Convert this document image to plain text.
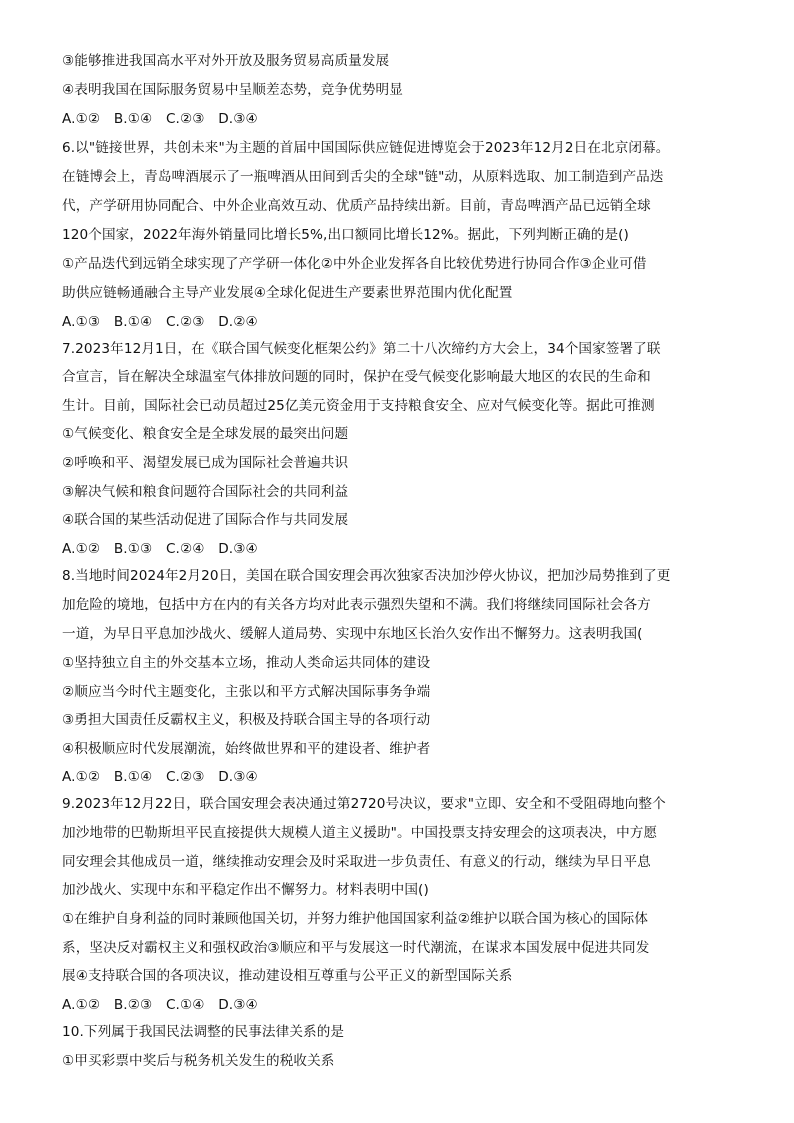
③能够推进我国高水平对外开放及服务贸易高质量发展
④表明我国在国际服务贸易中呈顺差态势，竞争优势明显
A.①②　B.①④　C.②③　D.③④
6.以"链接世界，共创未来"为主题的首届中国国际供应链促进博览会于2023年12月2日在北京闭幕。
在链博会上，青岛啤酒展示了一瓶啤酒从田间到舌尖的全球"链"动，从原料选取、加工制造到产品迭
代，产学研用协同配合、中外企业高效互动、优质产品持续出新。目前，青岛啤酒产品已远销全球
120个国家，2022年海外销量同比增长5%,出口额同比增长12%。据此，下列判断正确的是()
①产品迭代到远销全球实现了产学研一体化②中外企业发挥各自比较优势进行协同合作③企业可借
助供应链畅通融合主导产业发展④全球化促进生产要素世界范围内优化配置
A.①③　B.①④　C.②③　D.②④
7.2023年12月1日，在《联合国气候变化框架公约》第二十八次缔约方大会上，34个国家签署了联
合宣言，旨在解决全球温室气体排放问题的同时，保护在受气候变化影响最大地区的农民的生命和
生计。目前，国际社会已动员超过25亿美元资金用于支持粮食安全、应对气候变化等。据此可推测
①气候变化、粮食安全是全球发展的最突出问题
②呼唤和平、渴望发展已成为国际社会普遍共识
③解决气候和粮食问题符合国际社会的共同利益
④联合国的某些活动促进了国际合作与共同发展
A.①②　B.①③　C.②④　D.③④
8.当地时间2024年2月20日，美国在联合国安理会再次独家否决加沙停火协议，把加沙局势推到了更
加危险的境地，包括中方在内的有关各方均对此表示强烈失望和不满。我们将继续同国际社会各方
一道，为早日平息加沙战火、缓解人道局势、实现中东地区长治久安作出不懈努力。这表明我国(
①坚持独立自主的外交基本立场，推动人类命运共同体的建设
②顺应当今时代主题变化，主张以和平方式解决国际事务争端
③勇担大国责任反霸权主义，积极及持联合国主导的各项行动
④积极顺应时代发展潮流，始终做世界和平的建设者、维护者
A.①②　B.①④　C.②③　D.③④
9.2023年12月22日，联合国安理会表决通过第2720号决议，要求"立即、安全和不受阻碍地向整个
加沙地带的巴勒斯坦平民直接提供大规模人道主义援助"。中国投票支持安理会的这项表决，中方愿
同安理会其他成员一道，继续推动安理会及时采取进一步负责任、有意义的行动，继续为早日平息
加沙战火、实现中东和平稳定作出不懈努力。材料表明中国()
①在维护自身利益的同时兼顾他国关切，并努力维护他国国家利益②维护以联合国为核心的国际体
系，坚决反对霸权主义和强权政治③顺应和平与发展这一时代潮流，在谋求本国发展中促进共同发
展④支持联合国的各项决议，推动建设相互尊重与公平正义的新型国际关系
A.①②　B.②③　C.①④　D.③④
10.下列属于我国民法调整的民事法律关系的是
①甲买彩票中奖后与税务机关发生的税收关系
